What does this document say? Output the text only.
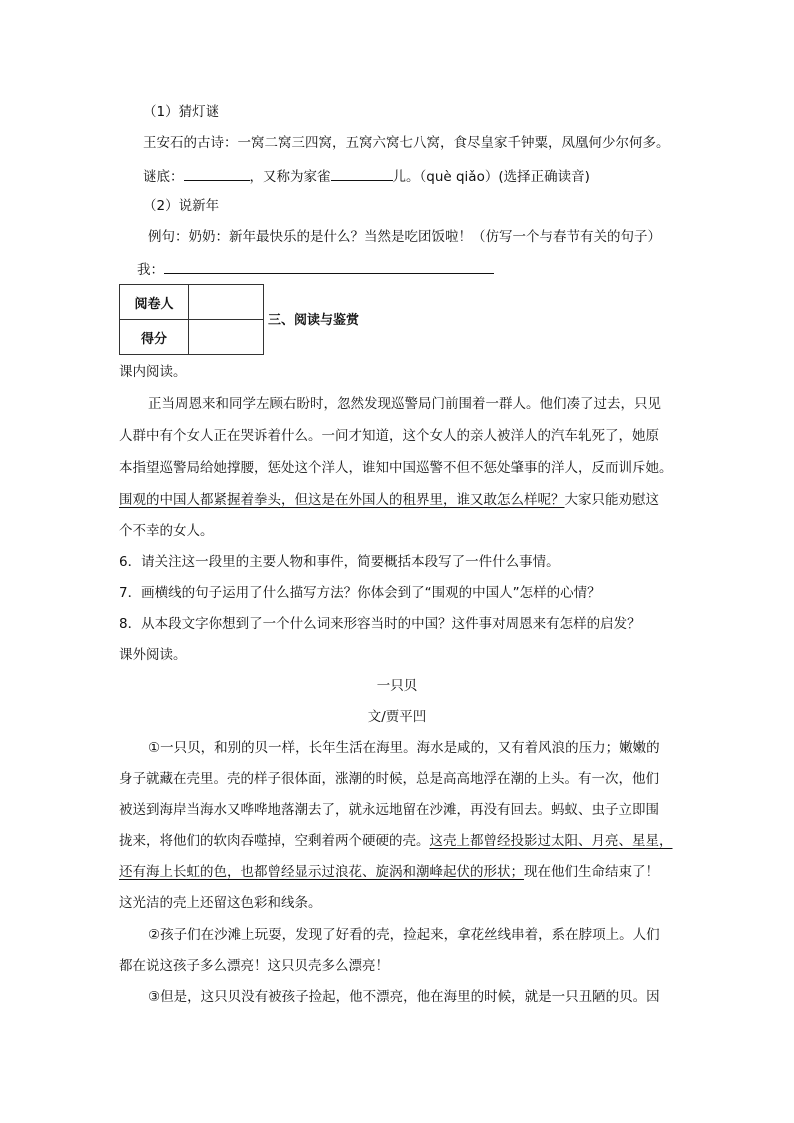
（1）猜灯谜
王安石的古诗：一窝二窝三四窝，五窝六窝七八窝，食尽皇家千钟粟，凤凰何少尔何多。
谜底：	，又称为家雀	儿。（què qiǎo）(选择正确读音)
（2）说新年
例句：奶奶：新年最快乐的是什么？当然是吃团饭啦！（仿写一个与春节有关的句子）
我：
阅卷人	
得分	
三、阅读与鉴赏
课内阅读。
正当周恩来和同学左顾右盼时，忽然发现巡警局门前围着一群人。他们凑了过去，只见
人群中有个女人正在哭诉着什么。一问才知道，这个女人的亲人被洋人的汽车轧死了，她原
本指望巡警局给她撑腰，惩处这个洋人，谁知中国巡警不但不惩处肇事的洋人，反而训斥她。
围观的中国人都紧握着拳头，但这是在外国人的租界里，谁又敢怎么样呢？大家只能劝慰这
个不幸的女人。
6．请关注这一段里的主要人物和事件，简要概括本段写了一件什么事情。
7．画横线的句子运用了什么描写方法？你体会到了“围观的中国人”怎样的心情？
8．从本段文字你想到了一个什么词来形容当时的中国？这件事对周恩来有怎样的启发？
课外阅读。
一只贝
文/贾平凹
①一只贝，和别的贝一样，长年生活在海里。海水是咸的，又有着风浪的压力；嫩嫩的
身子就藏在壳里。壳的样子很体面，涨潮的时候，总是高高地浮在潮的上头。有一次，他们
被送到海岸当海水又哗哗地落潮去了，就永远地留在沙滩，再没有回去。蚂蚁、虫子立即围
拢来，将他们的软肉吞噬掉，空剩着两个硬硬的壳。这壳上都曾经投影过太阳、月亮、星星，
还有海上长虹的色，也都曾经显示过浪花、旋涡和潮峰起伏的形状；现在他们生命结束了！
这光洁的壳上还留这色彩和线条。
②孩子们在沙滩上玩耍，发现了好看的壳，捡起来，拿花丝线串着，系在脖项上。人们
都在说这孩子多么漂亮！这只贝壳多么漂亮！
③但是，这只贝没有被孩子捡起，他不漂亮，他在海里的时候，就是一只丑陋的贝。因
